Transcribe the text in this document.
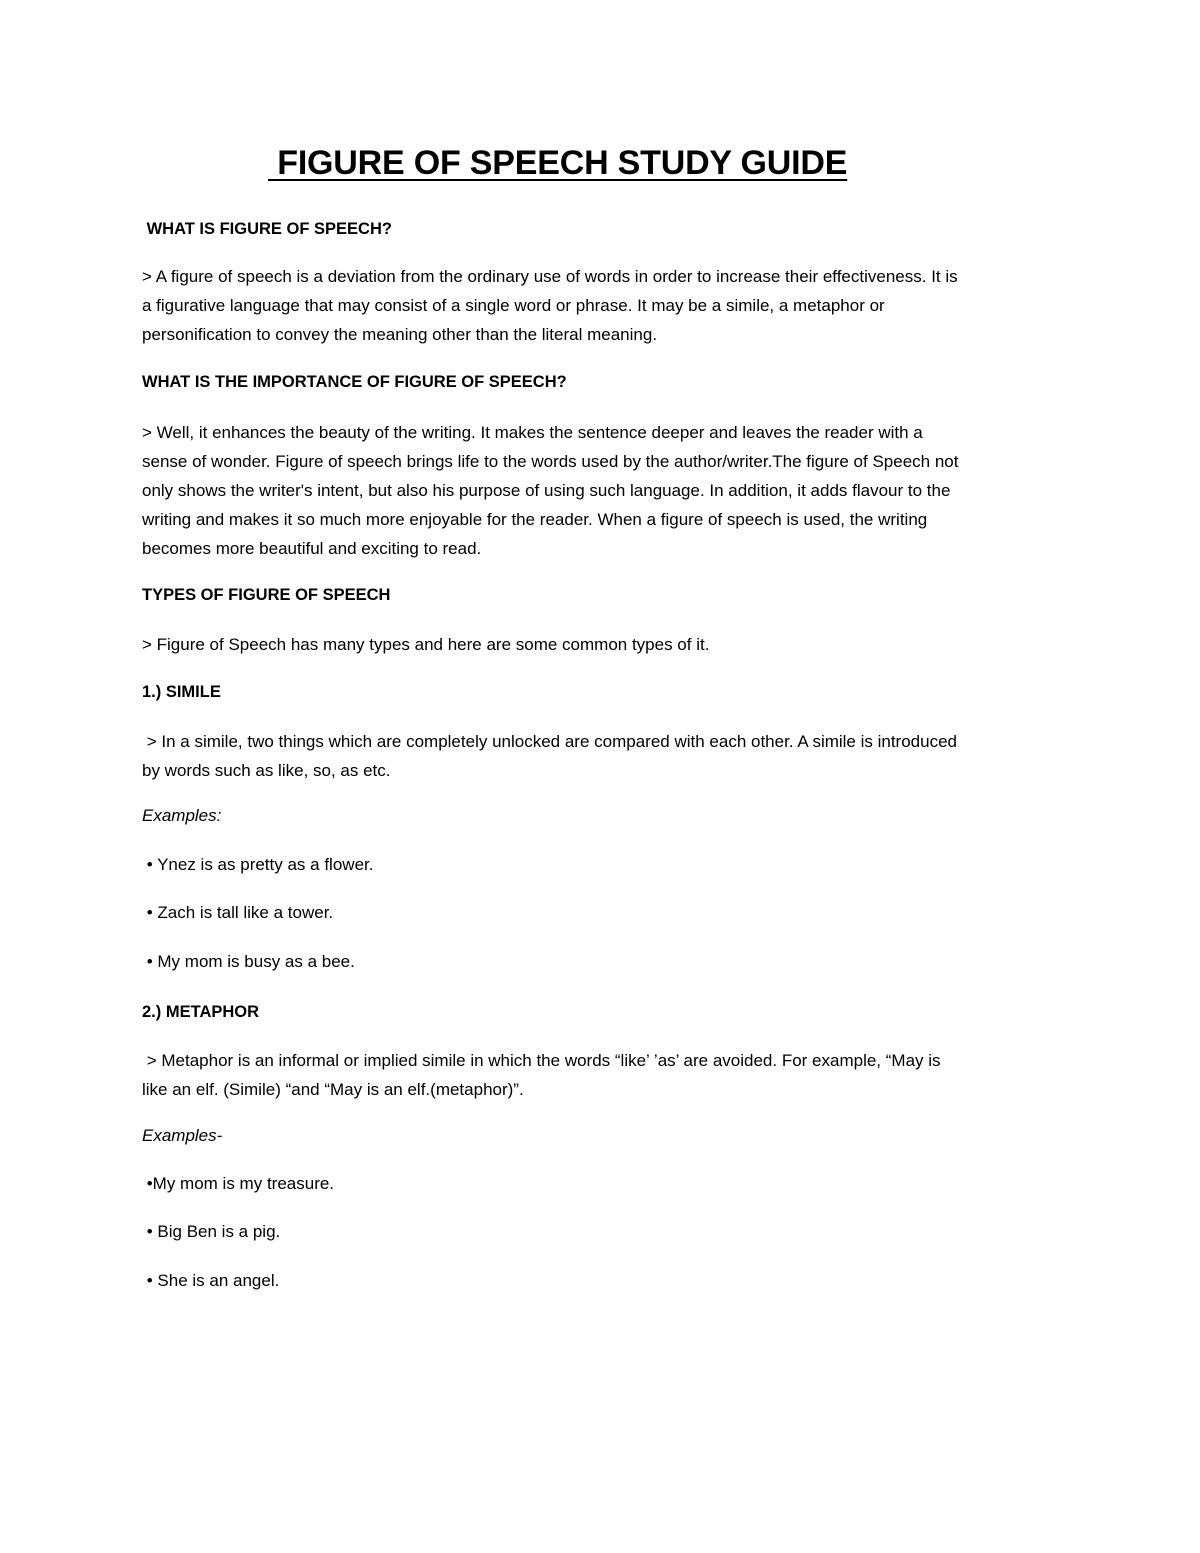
FIGURE OF SPEECH STUDY GUIDE
WHAT IS FIGURE OF SPEECH?
> A figure of speech is a deviation from the ordinary use of words in order to increase their effectiveness. It is
a figurative language that may consist of a single word or phrase. It may be a simile, a metaphor or
personification to convey the meaning other than the literal meaning.
WHAT IS THE IMPORTANCE OF FIGURE OF SPEECH?
> Well, it enhances the beauty of the writing. It makes the sentence deeper and leaves the reader with a
sense of wonder. Figure of speech brings life to the words used by the author/writer.The figure of Speech not
only shows the writer's intent, but also his purpose of using such language. In addition, it adds flavour to the
writing and makes it so much more enjoyable for the reader. When a figure of speech is used, the writing
becomes more beautiful and exciting to read.
TYPES OF FIGURE OF SPEECH
> Figure of Speech has many types and here are some common types of it.
1.) SIMILE
> In a simile, two things which are completely unlocked are compared with each other. A simile is introduced
by words such as like, so, as etc.
Examples:
• Ynez is as pretty as a flower.
• Zach is tall like a tower.
• My mom is busy as a bee.
2.) METAPHOR
> Metaphor is an informal or implied simile in which the words “like’ ’as’ are avoided. For example, “May is
like an elf. (Simile) “and “May is an elf.(metaphor)”.
Examples-
•My mom is my treasure.
• Big Ben is a pig.
• She is an angel.
